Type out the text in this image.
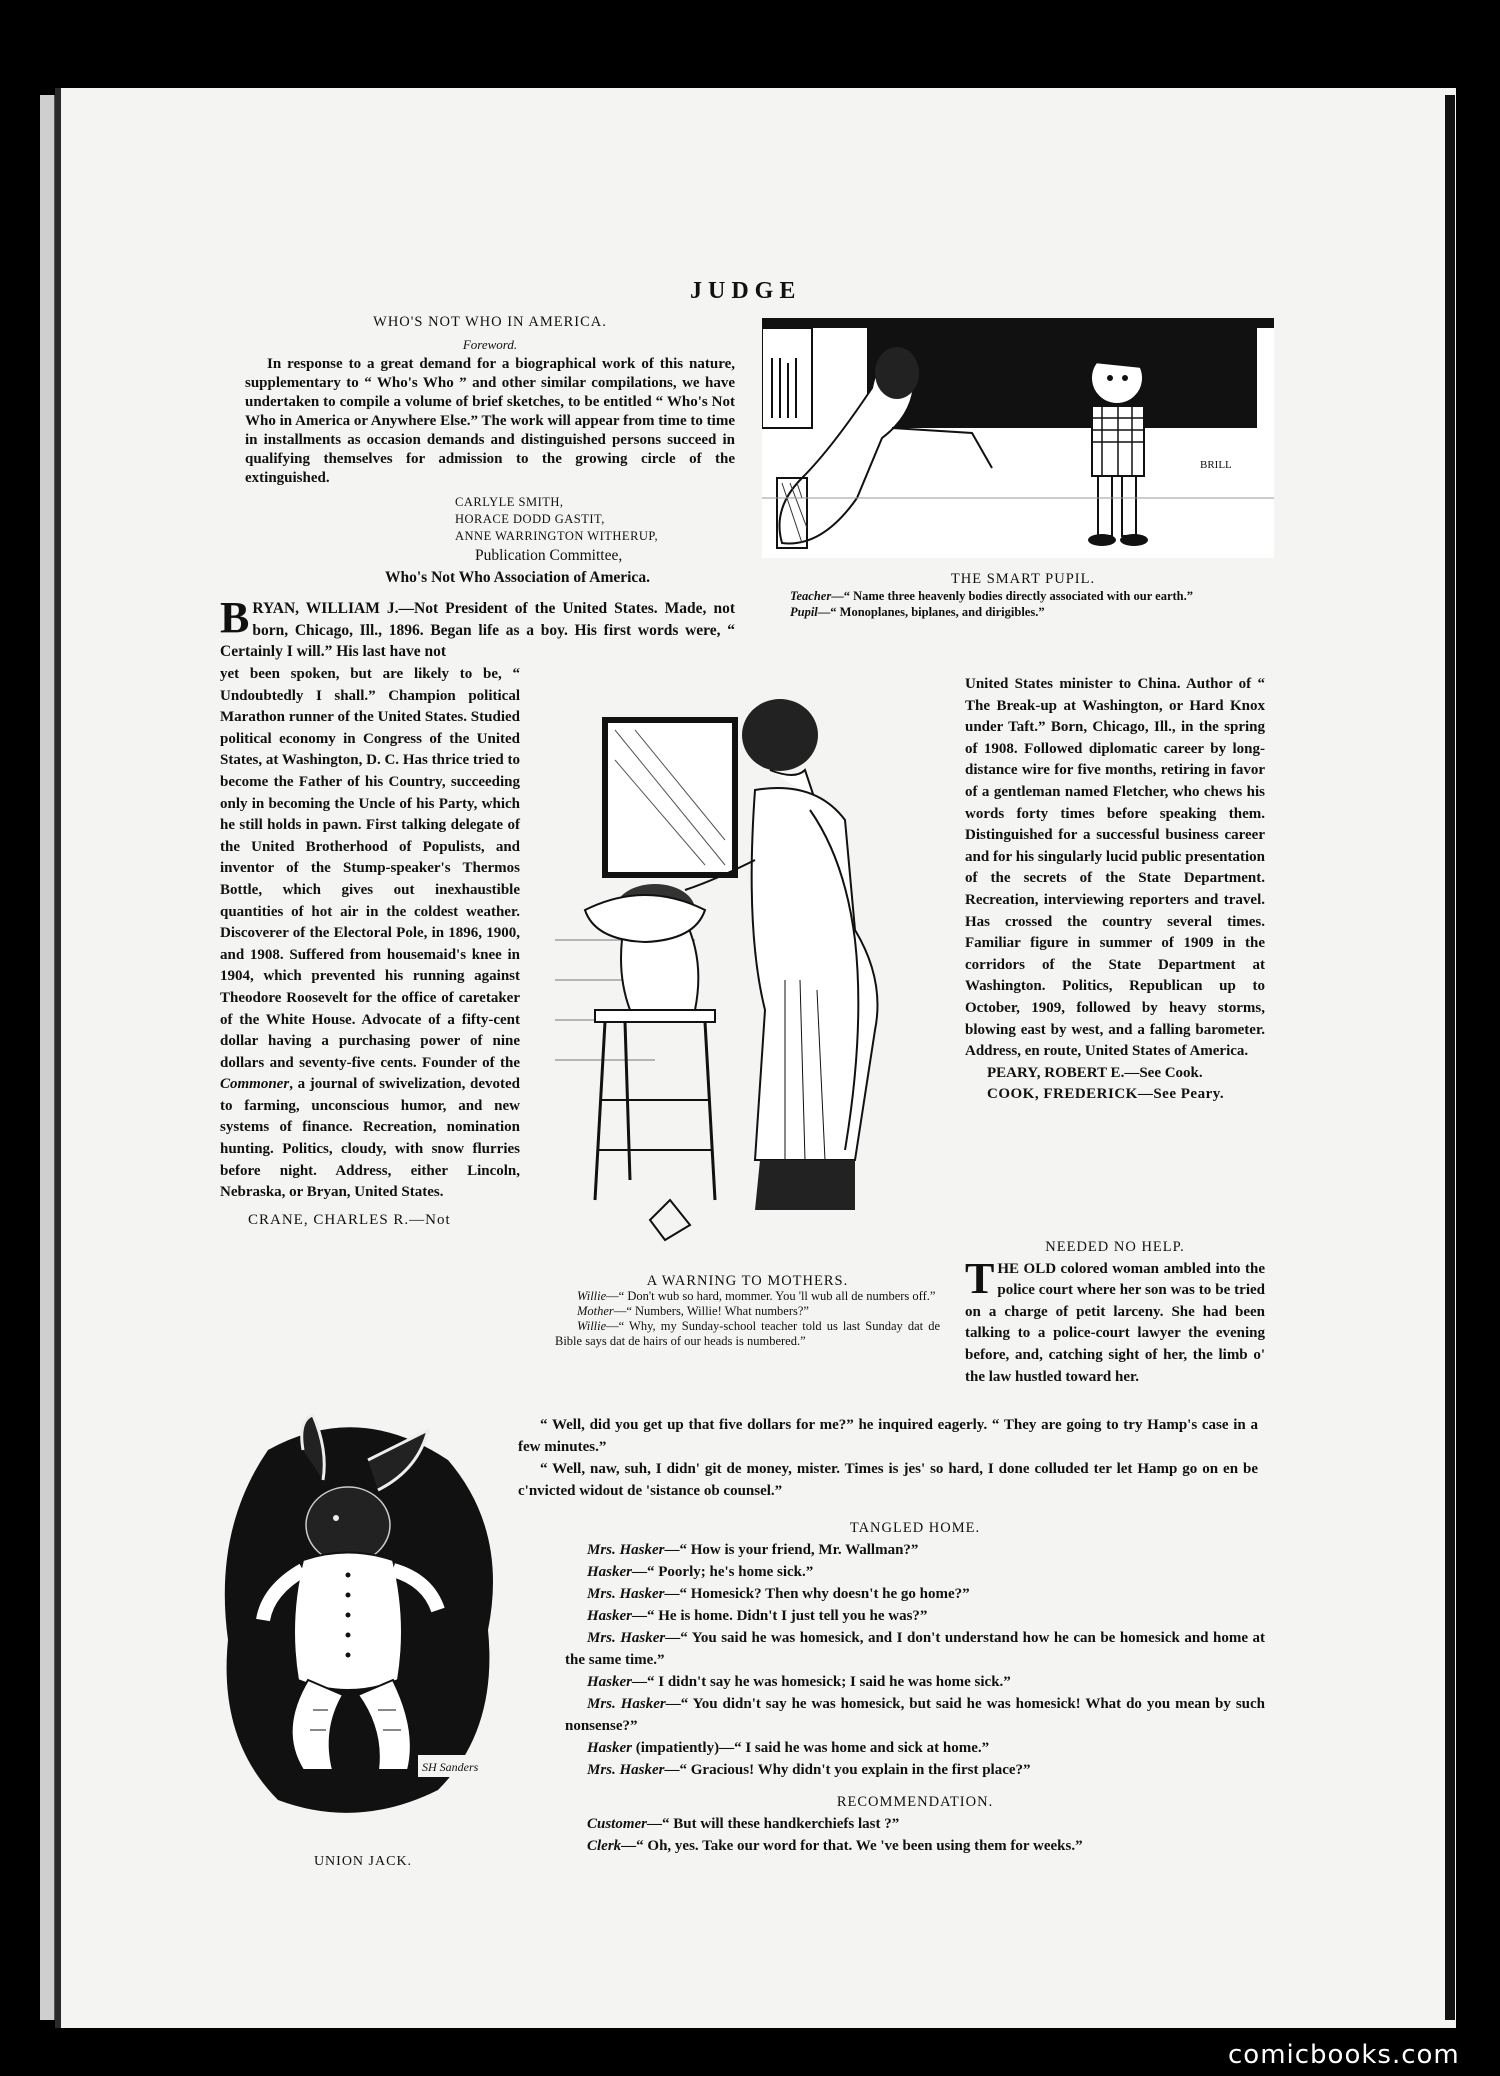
JUDGE
WHO'S NOT WHO IN AMERICA.
Foreword.

In response to a great demand for a biographical work of this nature, supplementary to “ Who's Who ” and other similar compilations, we have undertaken to compile a volume of brief sketches, to be entitled “ Who's Not Who in America or Anywhere Else.” The work will appear from time to time in installments as occasion demands and distinguished persons succeed in qualifying themselves for admission to the growing circle of the extinguished.

CARLYLE SMITH,
HORACE DODD GASTIT,
ANNE WARRINGTON WITHERUP,
Publication Committee,
Who's Not Who Association of America.
B RYAN, WILLIAM J.—Not President of the United States. Made, not born, Chicago, Ill., 1896. Began life as a boy. His first words were, “ Certainly I will.” His last have not
yet been spoken, but are likely to be, “ Undoubtedly I shall.” Champion political Marathon runner of the United States. Studied political economy in Congress of the United States, at Washington, D. C. Has thrice tried to become the Father of his Country, succeeding only in becoming the Uncle of his Party, which he still holds in pawn. First talking delegate of the United Brotherhood of Populists, and inventor of the Stump-speaker's Thermos Bottle, which gives out inexhaustible quantities of hot air in the coldest weather. Discoverer of the Electoral Pole, in 1896, 1900, and 1908. Suffered from housemaid's knee in 1904, which prevented his running against Theodore Roosevelt for the office of caretaker of the White House. Advocate of a fifty-cent dollar having a purchasing power of nine dollars and seventy-five cents. Founder of the Commoner, a journal of swivelization, devoted to farming, unconscious humor, and new systems of finance. Recreation, nomination hunting. Politics, cloudy, with snow flurries before night. Address, either Lincoln, Nebraska, or Bryan, United States.
CRANE, CHARLES R.—Not
BRILL
THE SMART PUPIL.

Teacher—“ Name three heavenly bodies directly associated with our earth.”

Pupil—“ Monoplanes, biplanes, and dirigibles.”

A WARNING TO MOTHERS.

Willie—“ Don't wub so hard, mommer. You 'll wub all de numbers off.”

Mother—“ Numbers, Willie! What numbers?”

Willie—“ Why, my Sunday-school teacher told us last Sunday dat de Bible says dat de hairs of our heads is numbered.”

United States minister to China. Author of “ The Break-up at Washington, or Hard Knox under Taft.” Born, Chicago, Ill., in the spring of 1908. Followed diplomatic career by long-distance wire for five months, retiring in favor of a gentleman named Fletcher, who chews his words forty times before speaking them. Distinguished for a successful business career and for his singularly lucid public presentation of the secrets of the State Department. Recreation, interviewing reporters and travel. Has crossed the country several times. Familiar figure in summer of 1909 in the corridors of the State Department at Washington. Politics, Republican up to October, 1909, followed by heavy storms, blowing east by west, and a falling barometer. Address, en route, United States of America.
PEARY, ROBERT E.—See Cook.
COOK, FREDERICK—See Peary.
NEEDED NO HELP.
T HE OLD colored woman ambled into the police court where her son was to be tried on a charge of petit larceny. She had been talking to a police-court lawyer the evening before, and, catching sight of her, the limb o' the law hustled toward her.

“ Well, did you get up that five dollars for me?” he inquired eagerly. “ They are going to try Hamp's case in a few minutes.”

“ Well, naw, suh, I didn' git de money, mister. Times is jes' so hard, I done colluded ter let Hamp go on en be c'nvicted widout de 'sistance ob counsel.”

SH Sanders
UNION JACK.
TANGLED HOME.

Mrs. Hasker—“ How is your friend, Mr. Wallman?”

Hasker—“ Poorly; he's home sick.”

Mrs. Hasker—“ Homesick? Then why doesn't he go home?”

Hasker—“ He is home. Didn't I just tell you he was?”

Mrs. Hasker—“ You said he was homesick, and I don't understand how he can be homesick and home at the same time.”

Hasker—“ I didn't say he was homesick; I said he was home sick.”

Mrs. Hasker—“ You didn't say he was homesick, but said he was homesick! What do you mean by such nonsense?”

Hasker (impatiently)—“ I said he was home and sick at home.”

Mrs. Hasker—“ Gracious! Why didn't you explain in the first place?”

RECOMMENDATION.

Customer—“ But will these handkerchiefs last ?”

Clerk—“ Oh, yes. Take our word for that. We 've been using them for weeks.”

comicbooks.com
